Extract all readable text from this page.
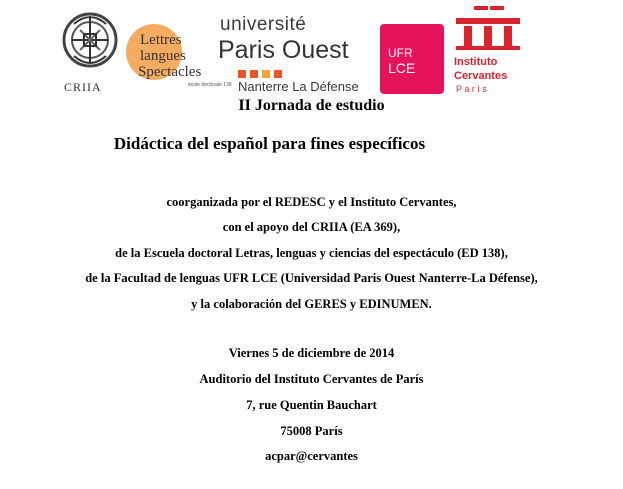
CRIIA
Lettres
langues
Spectacles
école doctorale 138
université
Paris Ouest
Nanterre La Défense
UFR
LCE	Instituto
Cervantes
P a r í s
II Jornada de estudio
Didáctica del español para fines específicos
coorganizada por el REDESC y el Instituto Cervantes,
con el apoyo del CRIIA (EA 369),
de la Escuela doctoral Letras, lenguas y ciencias del espectáculo (ED 138),
de la Facultad de lenguas UFR LCE (Universidad Paris Ouest Nanterre-La Défense),
y la colaboración del GERES y EDINUMEN.
Viernes 5 de diciembre de 2014
Auditorio del Instituto Cervantes de París
7, rue Quentin Bauchart
75008 París
acpar@cervantes
